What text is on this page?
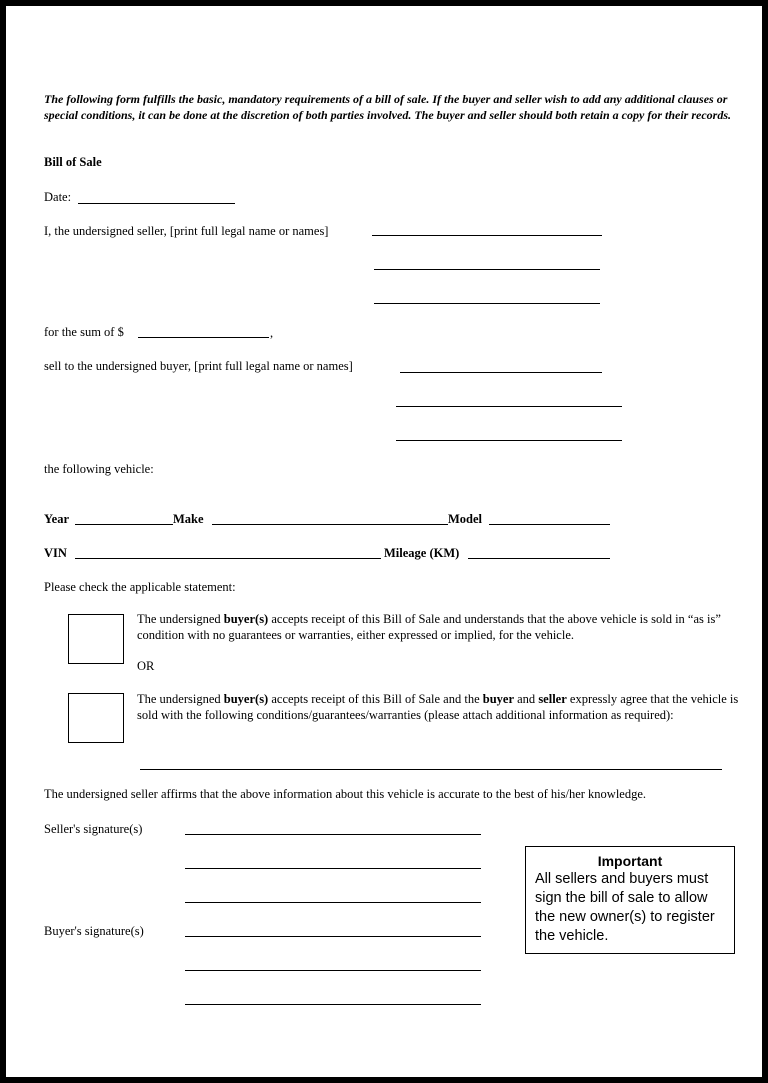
The following form fulfills the basic, mandatory requirements of a bill of sale. If the buyer and seller wish to add any additional clauses or special conditions, it can be done at the discretion of both parties involved. The buyer and seller should both retain a copy for their records.
Bill of Sale
Date:
I, the undersigned seller, [print full legal name or names]
for the sum of $	,
sell to the undersigned buyer, [print full legal name or names]
the following vehicle:
Year	Make	Model
VIN	Mileage (KM)
Please check the applicable statement:
The undersigned buyer(s) accepts receipt of this Bill of Sale and understands that the above vehicle is sold in “as is” condition with no guarantees or warranties, either expressed or implied, for the vehicle.
OR
The undersigned buyer(s) accepts receipt of this Bill of Sale and the buyer and seller expressly agree that the vehicle is sold with the following conditions/guarantees/warranties (please attach additional information as required):
The undersigned seller affirms that the above information about this vehicle is accurate to the best of his/her knowledge.
Seller's signature(s)
Buyer's signature(s)
Important
All sellers and buyers must sign the bill of sale to allow the new owner(s) to register the vehicle.
